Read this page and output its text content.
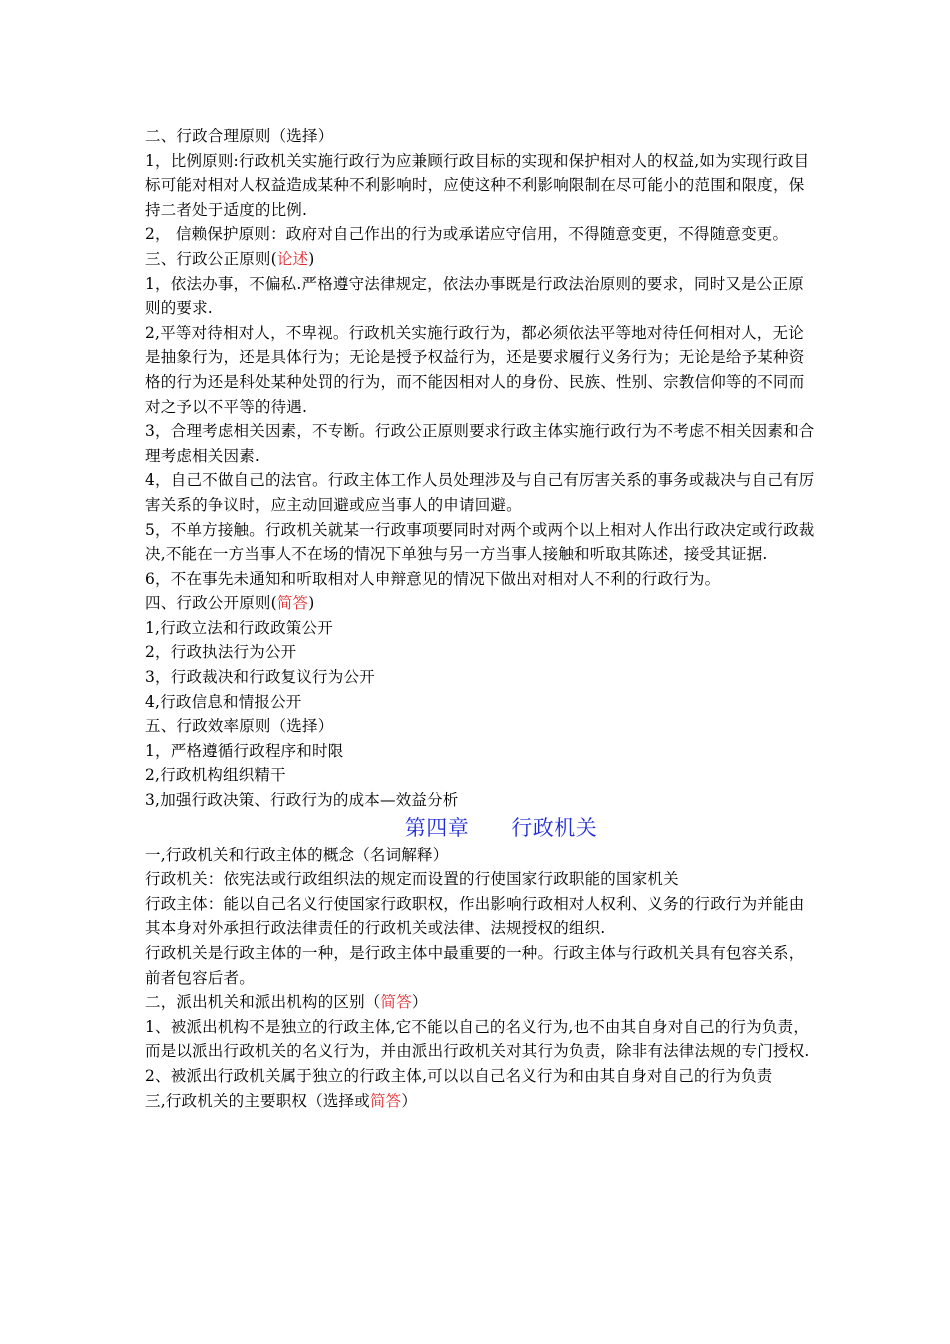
二、行政合理原则（选择）

1，比例原则:行政机关实施行政行为应兼顾行政目标的实现和保护相对人的权益,如为实现行政目标可能对相对人权益造成某种不利影响时，应使这种不利影响限制在尽可能小的范围和限度，保持二者处于适度的比例.

2， 信赖保护原则：政府对自己作出的行为或承诺应守信用，不得随意变更，不得随意变更。

三、行政公正原则(论述)

1，依法办事，不偏私.严格遵守法律规定，依法办事既是行政法治原则的要求，同时又是公正原则的要求.

2,平等对待相对人，不卑视。行政机关实施行政行为，都必须依法平等地对待任何相对人，无论是抽象行为，还是具体行为；无论是授予权益行为，还是要求履行义务行为；无论是给予某种资格的行为还是科处某种处罚的行为，而不能因相对人的身份、民族、性别、宗教信仰等的不同而对之予以不平等的待遇.

3，合理考虑相关因素，不专断。行政公正原则要求行政主体实施行政行为不考虑不相关因素和合理考虑相关因素.

4，自己不做自己的法官。行政主体工作人员处理涉及与自己有厉害关系的事务或裁决与自己有厉害关系的争议时，应主动回避或应当事人的申请回避。

5，不单方接触。行政机关就某一行政事项要同时对两个或两个以上相对人作出行政决定或行政裁决,不能在一方当事人不在场的情况下单独与另一方当事人接触和听取其陈述，接受其证据.

6，不在事先未通知和听取相对人申辩意见的情况下做出对相对人不利的行政行为。

四、行政公开原则(简答)

1,行政立法和行政政策公开

2，行政执法行为公开

3，行政裁决和行政复议行为公开

4,行政信息和情报公开

五、行政效率原则（选择）

1，严格遵循行政程序和时限

2,行政机构组织精干

3,加强行政决策、行政行为的成本—效益分析

第四章 行政机关

一,行政机关和行政主体的概念（名词解释）

行政机关：依宪法或行政组织法的规定而设置的行使国家行政职能的国家机关

行政主体：能以自己名义行使国家行政职权，作出影响行政相对人权利、义务的行政行为并能由其本身对外承担行政法律责任的行政机关或法律、法规授权的组织.

行政机关是行政主体的一种，是行政主体中最重要的一种。行政主体与行政机关具有包容关系，前者包容后者。

二，派出机关和派出机构的区别（简答）

1、被派出机构不是独立的行政主体,它不能以自己的名义行为,也不由其自身对自己的行为负责，而是以派出行政机关的名义行为，并由派出行政机关对其行为负责，除非有法律法规的专门授权.

2、被派出行政机关属于独立的行政主体,可以以自己名义行为和由其自身对自己的行为负责

三,行政机关的主要职权（选择或简答）
